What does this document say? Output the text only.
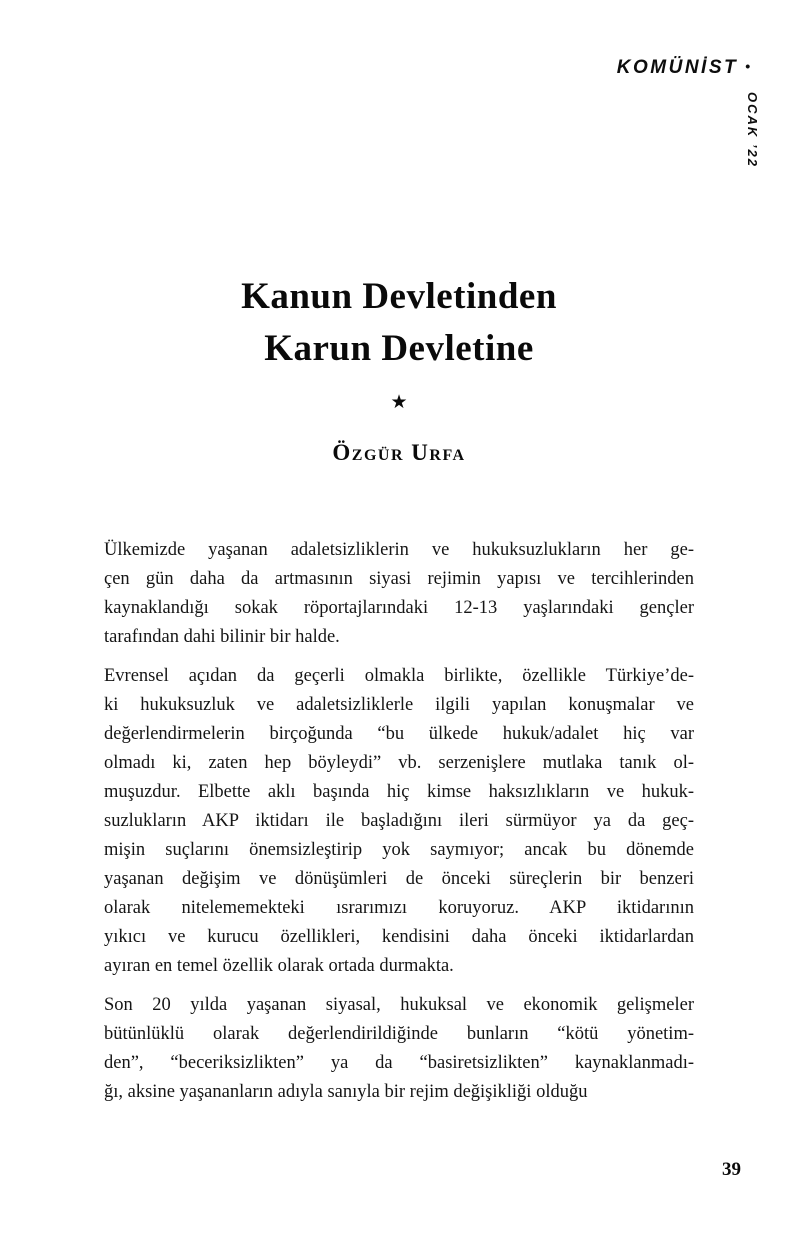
KOMÜNİST •
OCAK ’22
Kanun Devletinden
Karun Devletine
★
Özgür Urfa
Ülkemizde yaşanan adaletsizliklerin ve hukuksuzlukların her ge-
çen gün daha da artmasının siyasi rejimin yapısı ve tercihlerinden
kaynaklandığı sokak röportajlarındaki 12-13 yaşlarındaki gençler
tarafından dahi bilinir bir halde.
Evrensel açıdan da geçerli olmakla birlikte, özellikle Türkiye’de-
ki hukuksuzluk ve adaletsizliklerle ilgili yapılan konuşmalar ve
değerlendirmelerin birçoğunda “bu ülkede hukuk/adalet hiç var
olmadı ki, zaten hep böyleydi” vb. serzenişlere mutlaka tanık ol-
muşuzdur. Elbette aklı başında hiç kimse haksızlıkların ve hukuk-
suzlukların AKP iktidarı ile başladığını ileri sürmüyor ya da geç-
mişin suçlarını önemsizleştirip yok saymıyor; ancak bu dönemde
yaşanan değişim ve dönüşümleri de önceki süreçlerin bir benzeri
olarak nitelememekteki ısrarımızı koruyoruz. AKP iktidarının
yıkıcı ve kurucu özellikleri, kendisini daha önceki iktidarlardan
ayıran en temel özellik olarak ortada durmakta.
Son 20 yılda yaşanan siyasal, hukuksal ve ekonomik gelişmeler
bütünlüklü olarak değerlendirildiğinde bunların “kötü yönetim-
den”, “beceriksizlikten” ya da “basiretsizlikten” kaynaklanmadı-
ğı, aksine yaşananların adıyla sanıyla bir rejim değişikliği olduğu
39
